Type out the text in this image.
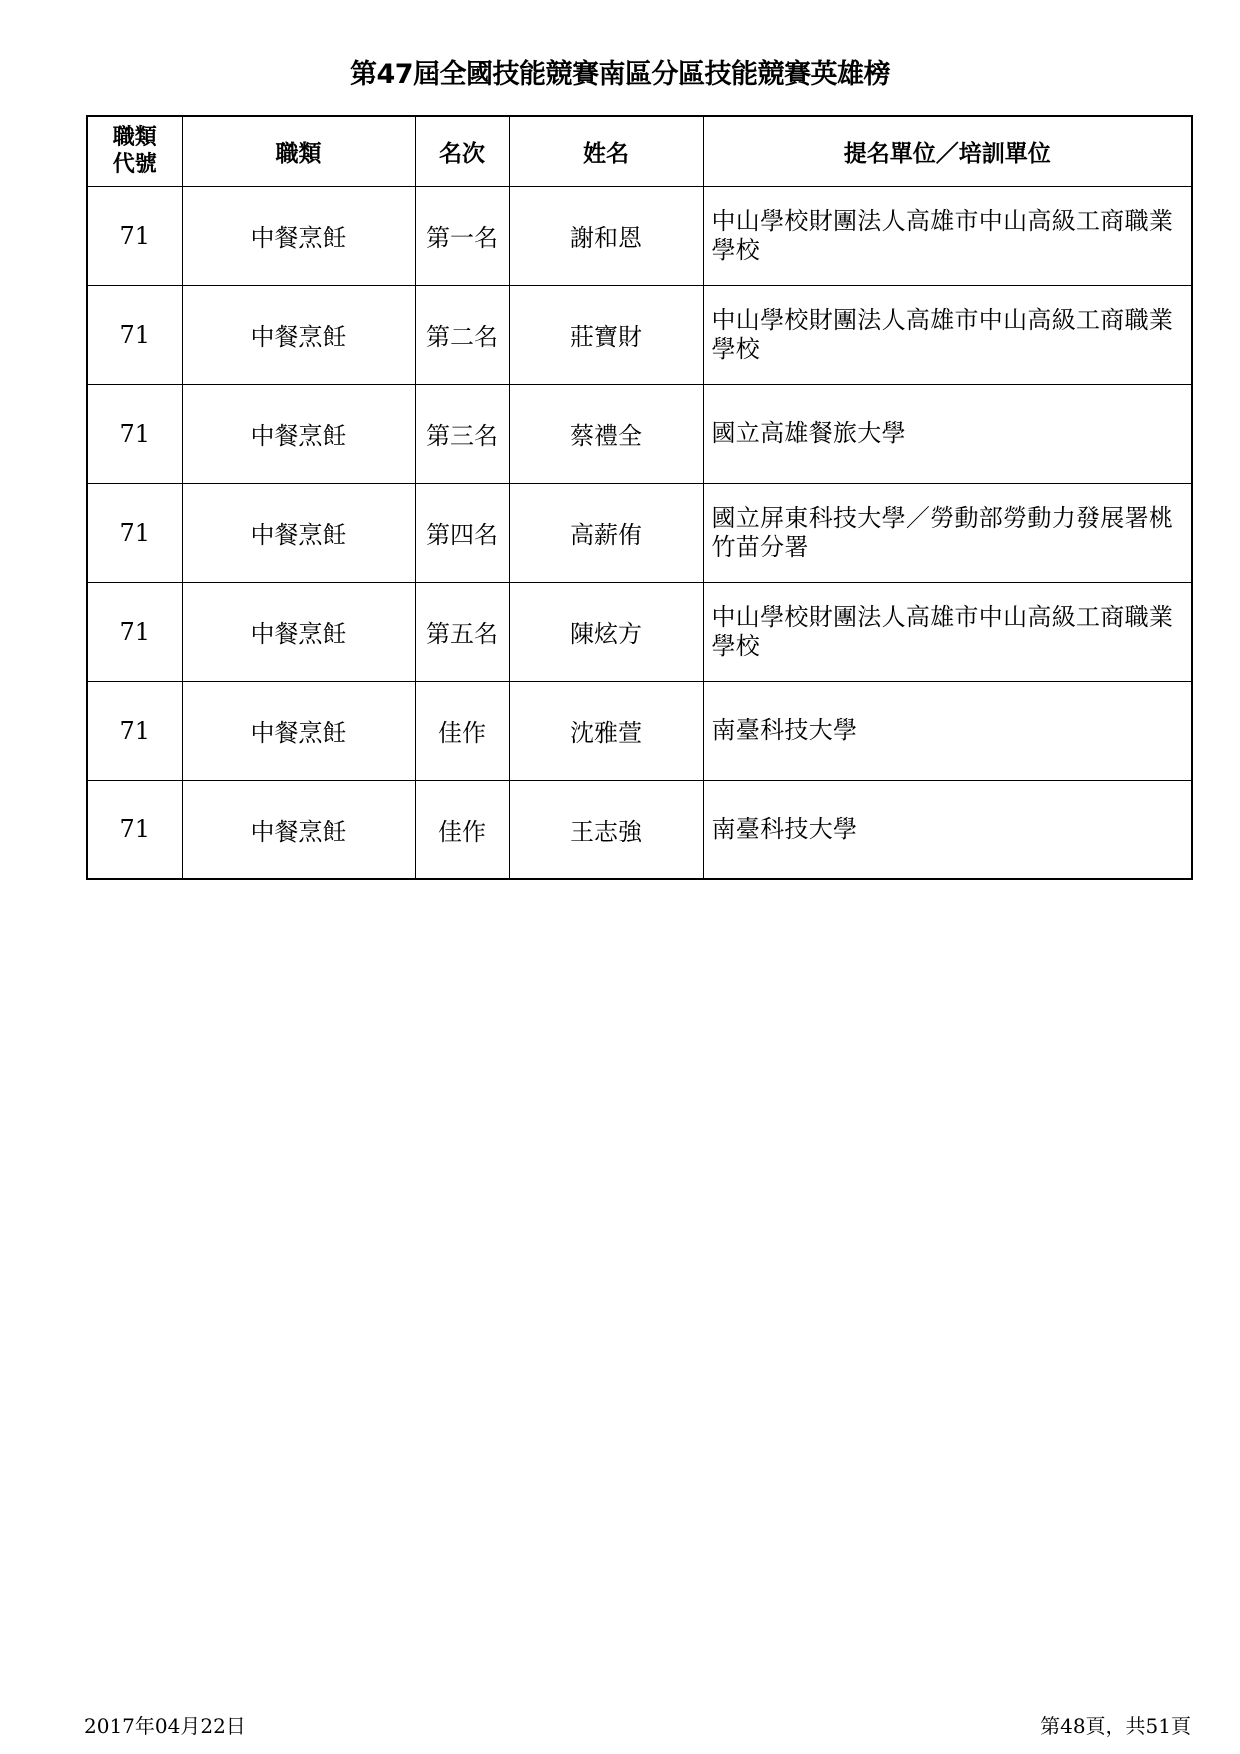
第47屆全國技能競賽南區分區技能競賽英雄榜
職類
代號	職類	名次	姓名	提名單位／培訓單位
71	中餐烹飪	第一名	謝和恩	中山學校財團法人高雄市中山高級工商職業學校
71	中餐烹飪	第二名	莊寶財	中山學校財團法人高雄市中山高級工商職業學校
71	中餐烹飪	第三名	蔡禮全	國立高雄餐旅大學
71	中餐烹飪	第四名	高薪侑	國立屏東科技大學／勞動部勞動力發展署桃竹苗分署
71	中餐烹飪	第五名	陳炫方	中山學校財團法人高雄市中山高級工商職業學校
71	中餐烹飪	佳作	沈雅萱	南臺科技大學
71	中餐烹飪	佳作	王志強	南臺科技大學
2017年04月22日	第48頁，共51頁
